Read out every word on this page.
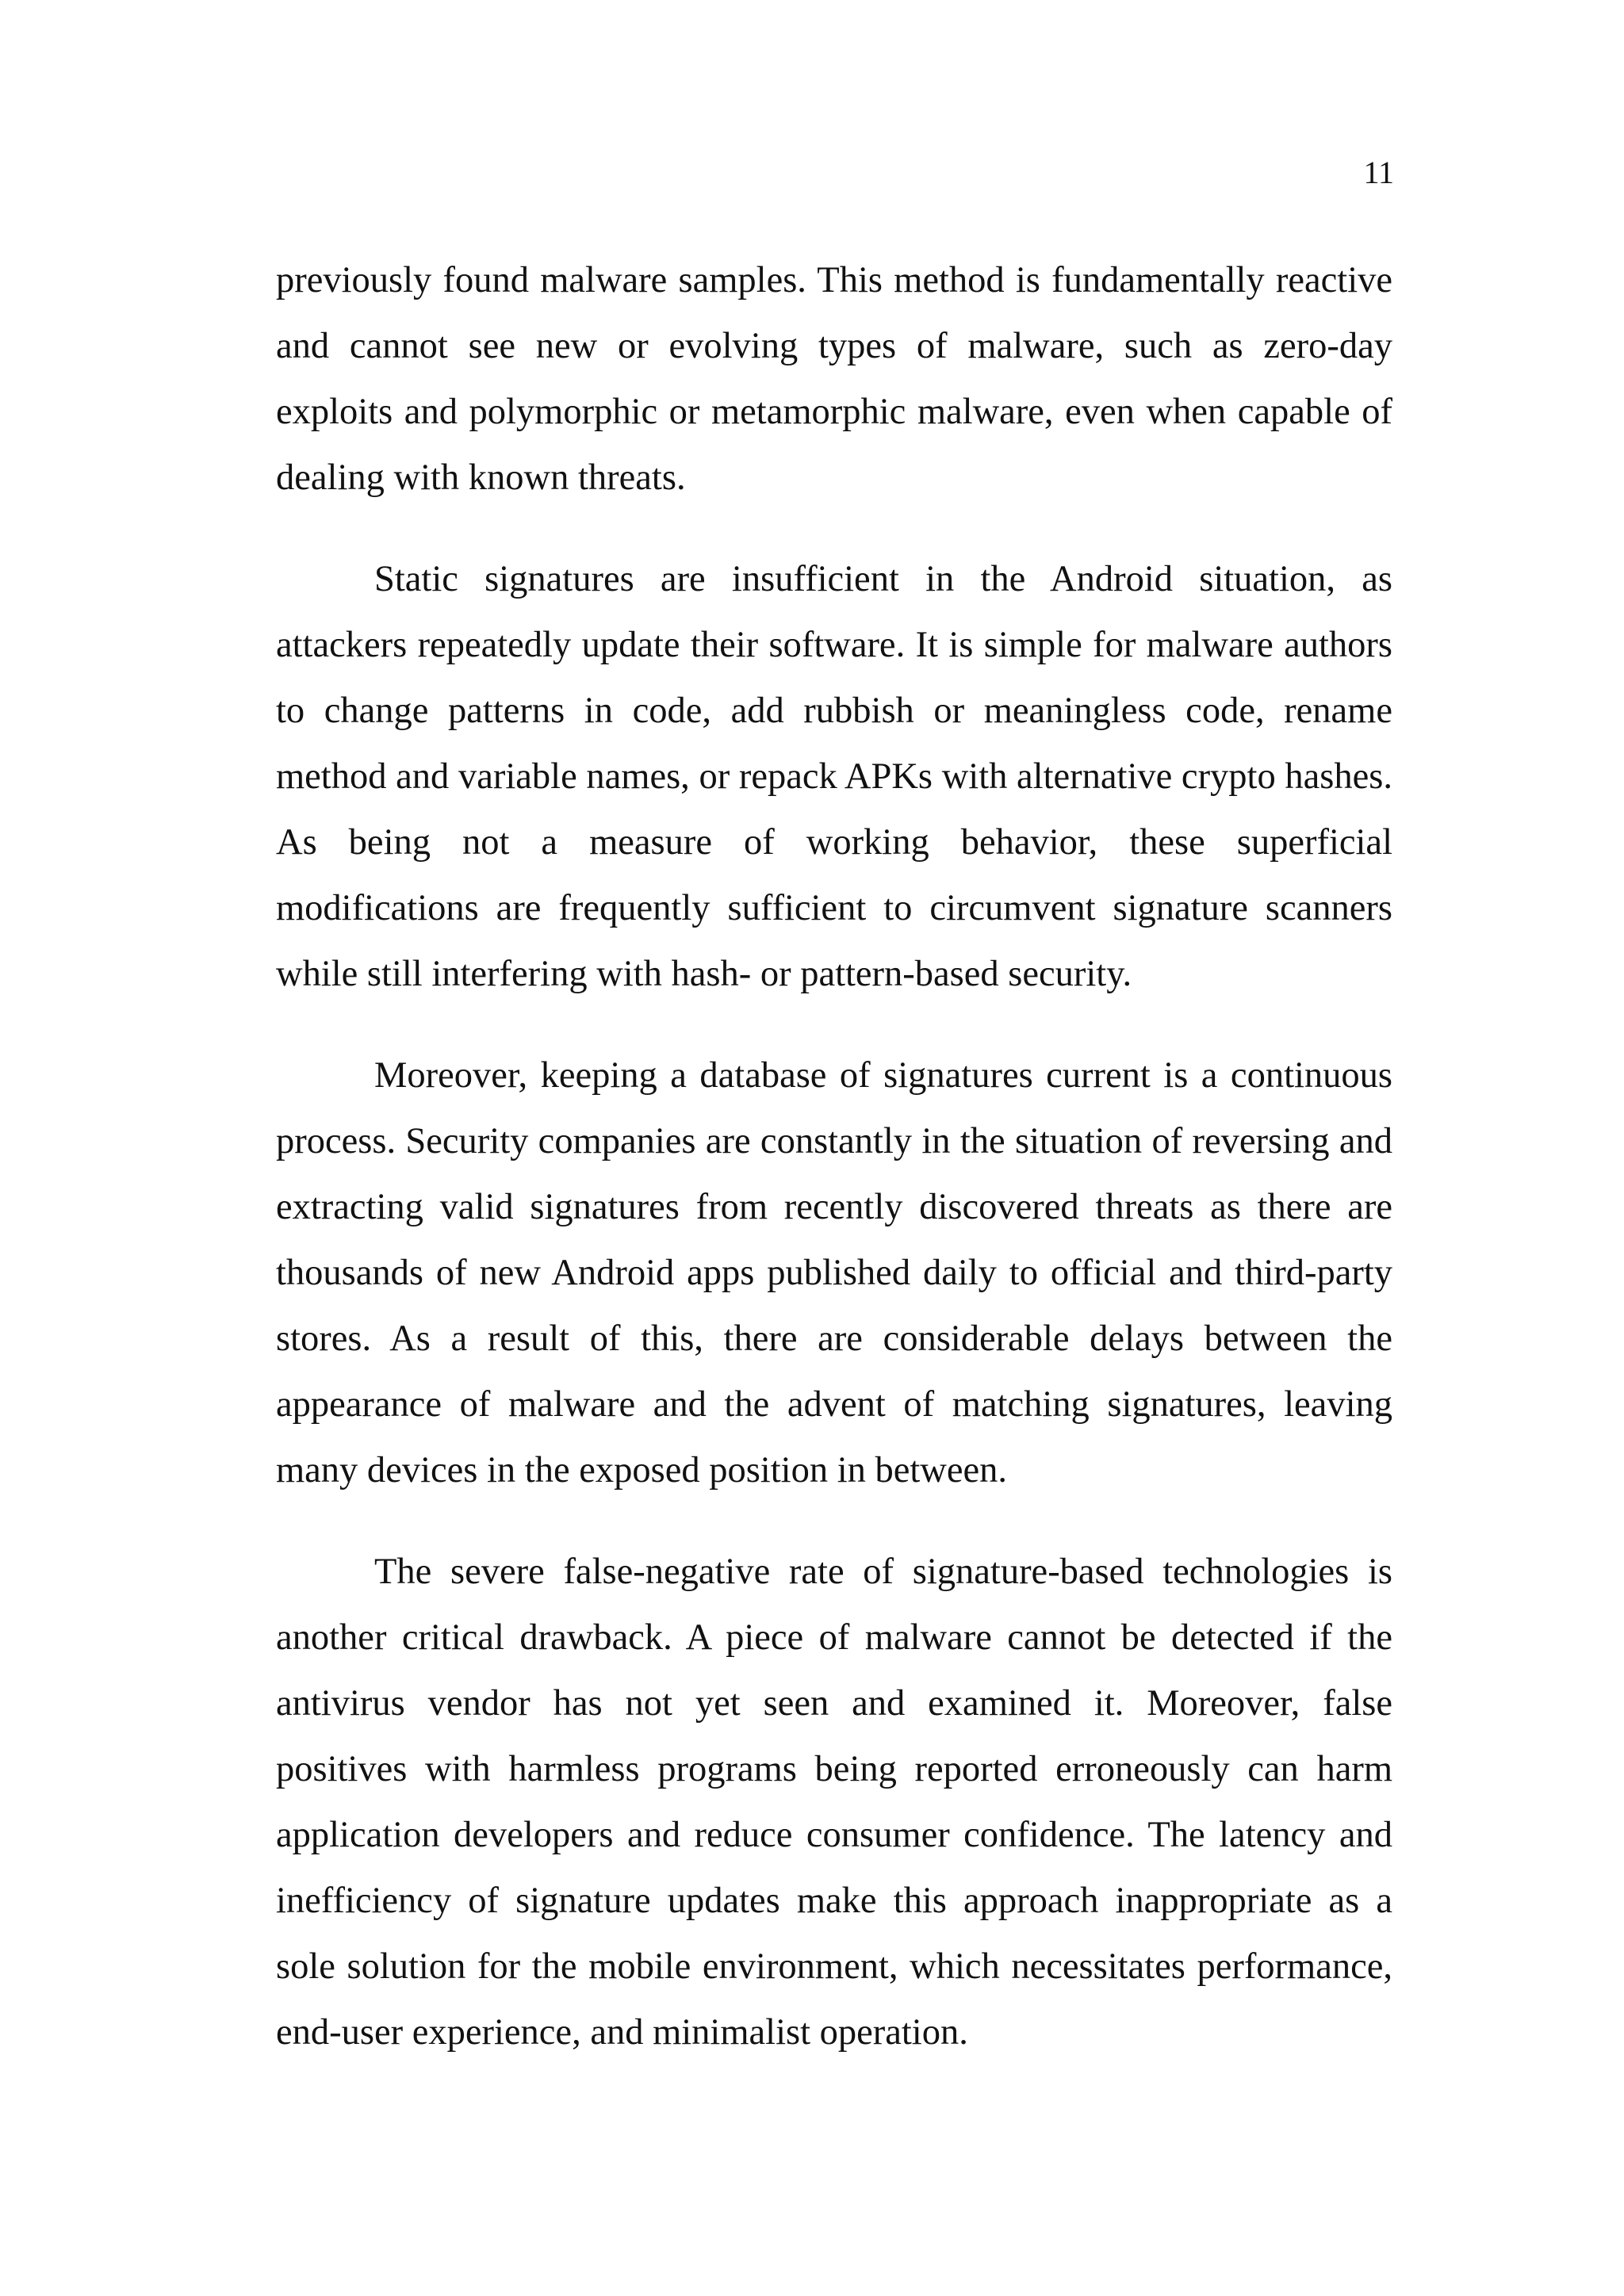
11

previously found malware samples. This method is fundamentally reactive and cannot see new or evolving types of malware, such as zero-day exploits and polymorphic or metamorphic malware, even when capable of dealing with known threats.

Static signatures are insufficient in the Android situation, as attackers repeatedly update their software. It is simple for malware authors to change patterns in code, add rubbish or meaningless code, rename method and variable names, or repack APKs with alternative crypto hashes. As being not a measure of working behavior, these superficial modifications are frequently sufficient to circumvent signature scanners while still interfering with hash- or pattern-based security.

Moreover, keeping a database of signatures current is a continuous process. Security companies are constantly in the situation of reversing and extracting valid signatures from recently discovered threats as there are thousands of new Android apps published daily to official and third-party stores. As a result of this, there are considerable delays between the appearance of malware and the advent of matching signatures, leaving many devices in the exposed position in between.

The severe false-negative rate of signature-based technologies is another critical drawback. A piece of malware cannot be detected if the antivirus vendor has not yet seen and examined it. Moreover, false positives with harmless programs being reported erroneously can harm application developers and reduce consumer confidence. The latency and inefficiency of signature updates make this approach inappropriate as a sole solution for the mobile environment, which necessitates performance, end-user experience, and minimalist operation.
